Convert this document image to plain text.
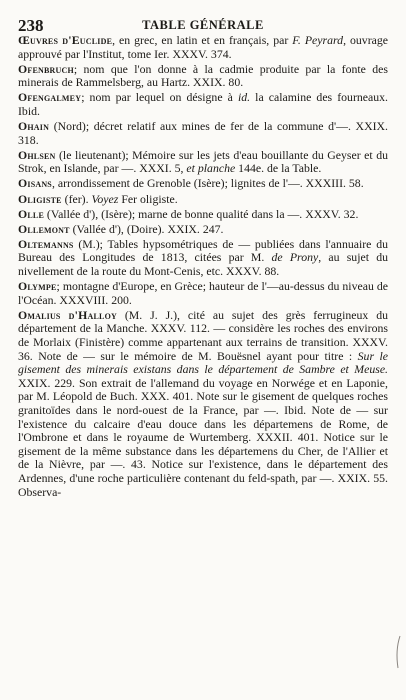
238	TABLE GÉNÉRALE
Œuvres d'Euclide, en grec, en latin et en français, par F. Peyrard, ouvrage approuvé par l'Institut, tome Ier. XXXV. 374.
Ofenbruch; nom que l'on donne à la cadmie produite par la fonte des minerais de Rammelsberg, au Hartz. XXIX. 80.
Ofengalmey; nom par lequel on désigne à id. la calamine des fourneaux. Ibid.
Ohain (Nord); décret relatif aux mines de fer de la commune d'—. XXIX. 318.
Ohlsen (le lieutenant); Mémoire sur les jets d'eau bouillante du Geyser et du Strok, en Islande, par —. XXXI. 5, et planche 144e. de la Table.
Oisans, arrondissement de Grenoble (Isère); lignites de l'—. XXXIII. 58.
Oligiste (fer). Voyez Fer oligiste.
Olle (Vallée d'), (Isère); marne de bonne qualité dans la —. XXXV. 32.
Ollemont (Vallée d'), (Doire). XXIX. 247.
Oltemanns (M.); Tables hypsométriques de — publiées dans l'annuaire du Bureau des Longitudes de 1813, citées par M. de Prony, au sujet du nivellement de la route du Mont-Cenis, etc. XXXV. 88.
Olympe; montagne d'Europe, en Grèce; hauteur de l'—au-dessus du niveau de l'Océan. XXXVIII. 200.
Omalius d'Halloy (M. J. J.), cité au sujet des grès ferrugineux du département de la Manche. XXXV. 112. — considère les roches des environs de Morlaix (Finistère) comme appartenant aux terrains de transition. XXXV. 36. Note de — sur le mémoire de M. Bouësnel ayant pour titre : Sur le gisement des minerais existans dans le département de Sambre et Meuse. XXIX. 229. Son extrait de l'allemand du voyage en Norwége et en Laponie, par M. Léopold de Buch. XXX. 401. Note sur le gisement de quelques roches granitoïdes dans le nord-ouest de la France, par —. Ibid. Note de — sur l'existence du calcaire d'eau douce dans les départemens de Rome, de l'Ombrone et dans le royaume de Wurtemberg. XXXII. 401. Notice sur le gisement de la même substance dans les départemens du Cher, de l'Allier et de la Nièvre, par —. 43. Notice sur l'existence, dans le département des Ardennes, d'une roche particulière contenant du feld-spath, par —. XXIX. 55. Observa-
